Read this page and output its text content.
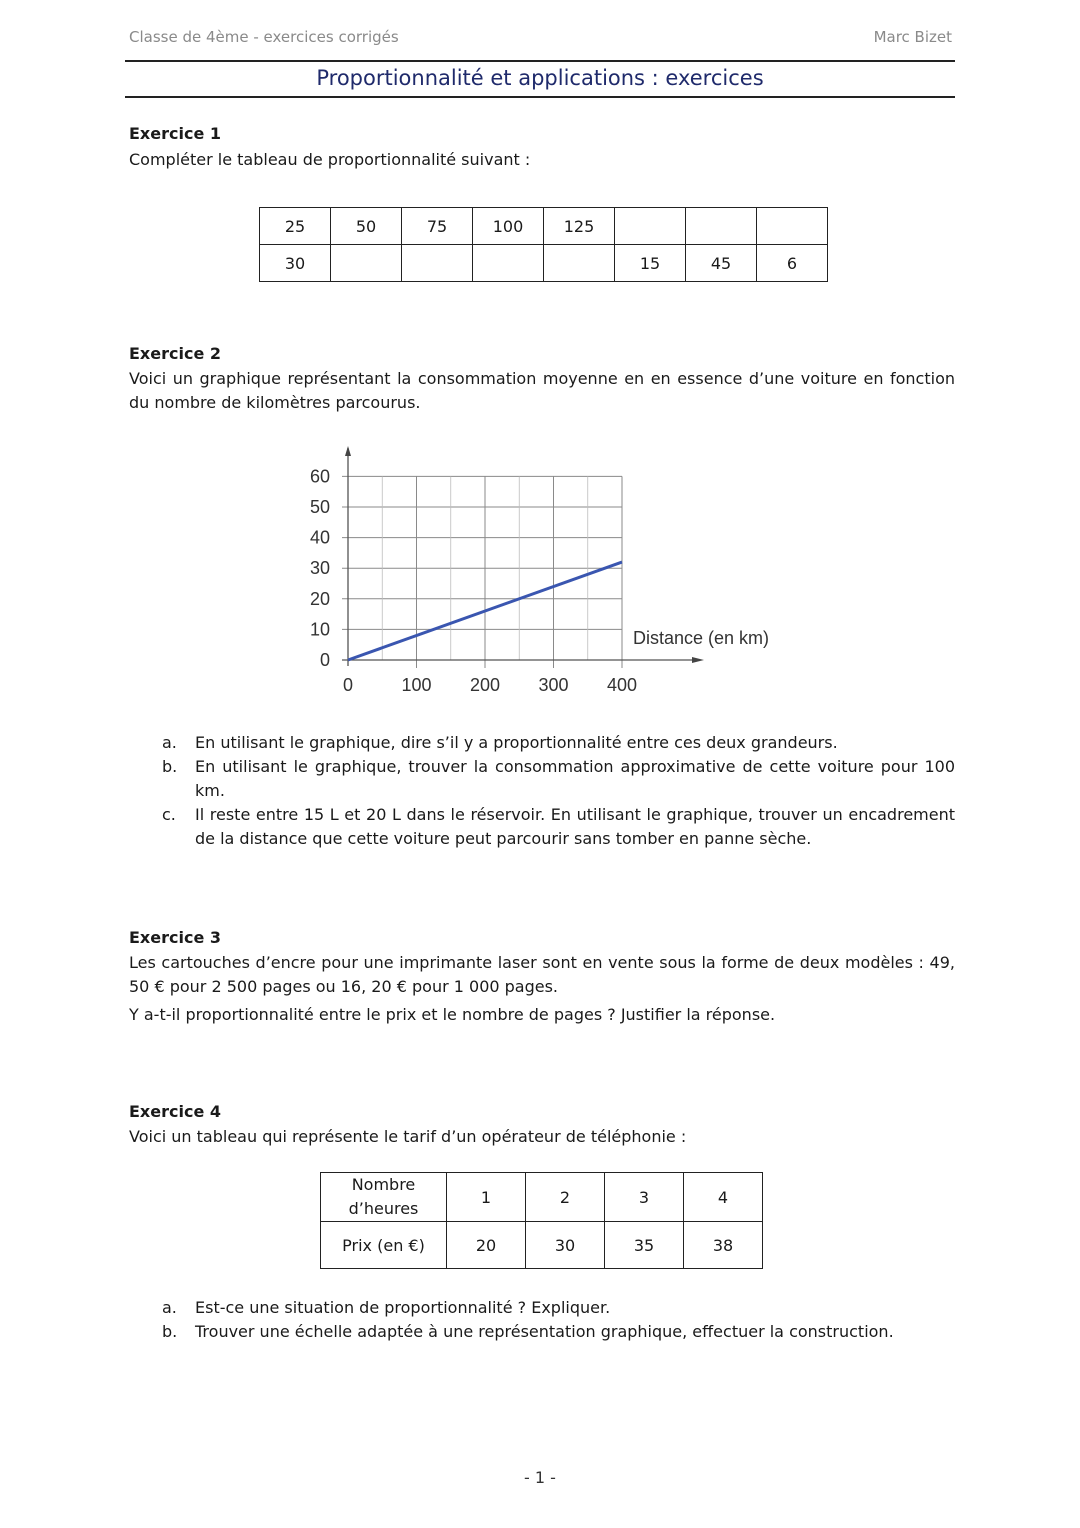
Classe de 4ème - exercices corrigés	Marc Bizet
Proportionnalité et applications : exercices
Exercice 1
Compléter le tableau de proportionnalité suivant :
25	50	75	100	125			
30					15	45	6
Exercice 2
Voici un graphique représentant la consommation moyenne en en essence d’une voiture en fonction du nombre de kilomètres parcourus.
0
10
20
30
40
50
60
0	100 200 300 400
Distance (en km)
a. En utilisant le graphique, dire s’il y a proportionnalité entre ces deux grandeurs.
b. En utilisant le graphique, trouver la consommation approximative de cette voiture pour 100 km.
c. Il reste entre 15 L et 20 L dans le réservoir. En utilisant le graphique, trouver un encadrement de la distance que cette voiture peut parcourir sans tomber en panne sèche.
Exercice 3
Les cartouches d’encre pour une imprimante laser sont en vente sous la forme de deux modèles : 49, 50 € pour 2 500 pages ou 16, 20 € pour 1 000 pages.
Y a-t-il proportionnalité entre le prix et le nombre de pages ? Justifier la réponse.
Exercice 4
Voici un tableau qui représente le tarif d’un opérateur de téléphonie :
Nombre
d’heures	1	2	3	4
Prix (en €)	20	30	35	38
a. Est-ce une situation de proportionnalité ? Expliquer.
b. Trouver une échelle adaptée à une représentation graphique, effectuer la construction.
- 1 -
